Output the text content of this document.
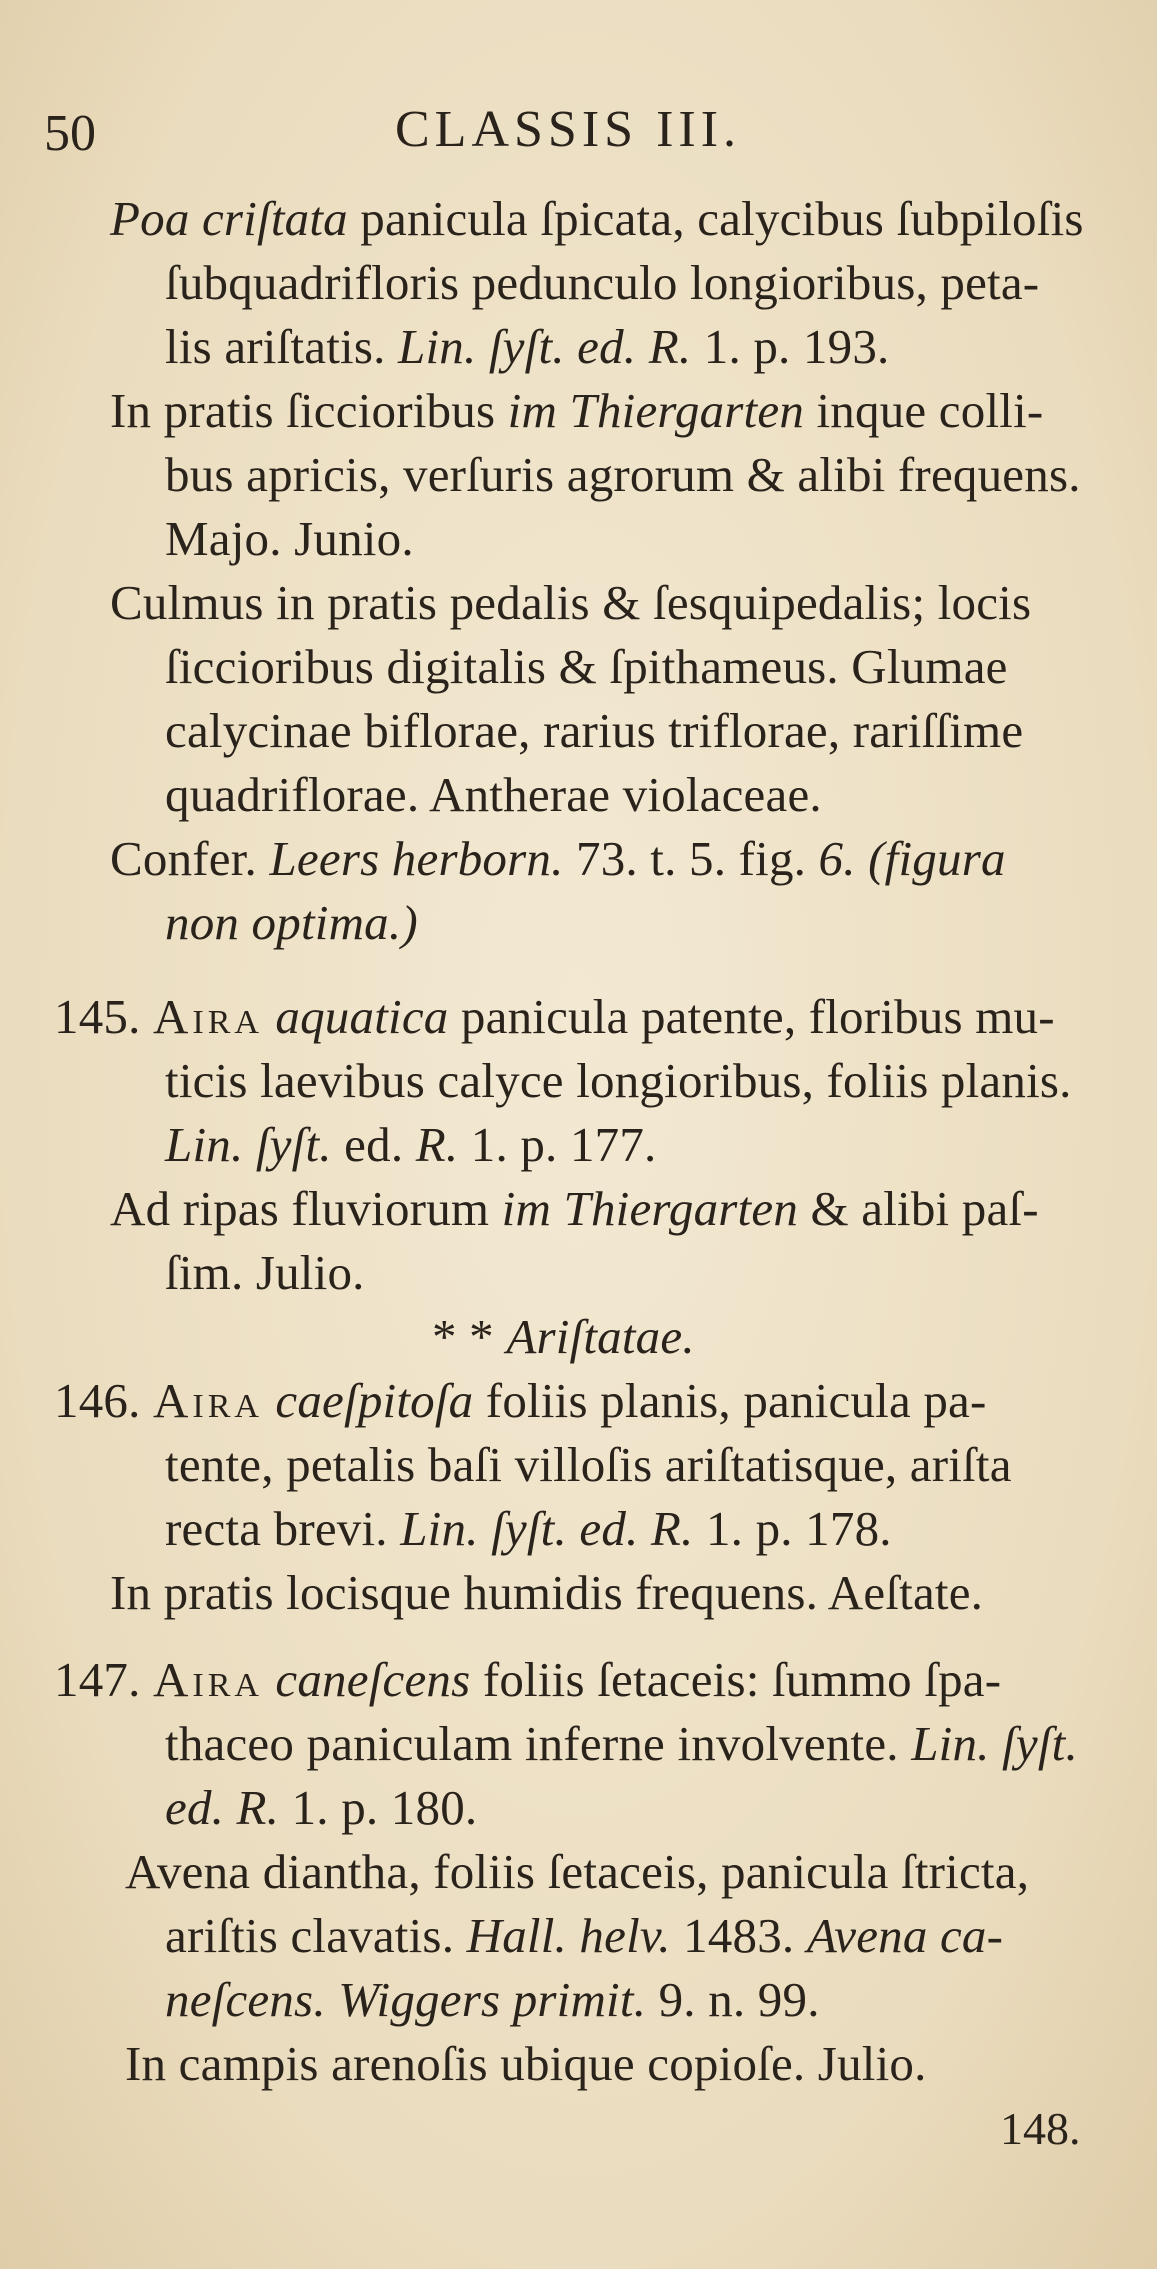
50	CLASSIS III.
Poa criſtata panicula ſpicata, calycibus ſubpiloſis
ſubquadrifloris pedunculo longioribus, peta-
lis ariſtatis. Lin. ſyſt. ed. R. 1. p. 193.
In pratis ſiccioribus im Thiergarten inque colli-
bus apricis, verſuris agrorum & alibi frequens.
Majo. Junio.
Culmus in pratis pedalis & ſesquipedalis; locis
ſiccioribus digitalis & ſpithameus. Glumae
calycinae biflorae, rarius triflorae, rariſſime
quadriflorae. Antherae violaceae.
Confer. Leers herborn. 73. t. 5. fig. 6. (figura
non optima.)
145. Aira aquatica panicula patente, floribus mu-
ticis laevibus calyce longioribus, foliis planis.
Lin. ſyſt. ed. R. 1. p. 177.
Ad ripas fluviorum im Thiergarten & alibi paſ-
ſim. Julio.
* * Ariſtatae.
146. Aira caeſpitoſa foliis planis, panicula pa-
tente, petalis baſi villoſis ariſtatisque, ariſta
recta brevi. Lin. ſyſt. ed. R. 1. p. 178.
In pratis locisque humidis frequens. Aeſtate.
147. Aira caneſcens foliis ſetaceis: ſummo ſpa-
thaceo paniculam inferne involvente. Lin. ſyſt.
ed. R. 1. p. 180.
Avena diantha, foliis ſetaceis, panicula ſtricta,
ariſtis clavatis. Hall. helv. 1483. Avena ca-
neſcens. Wiggers primit. 9. n. 99.
In campis arenoſis ubique copioſe. Julio.
148.
